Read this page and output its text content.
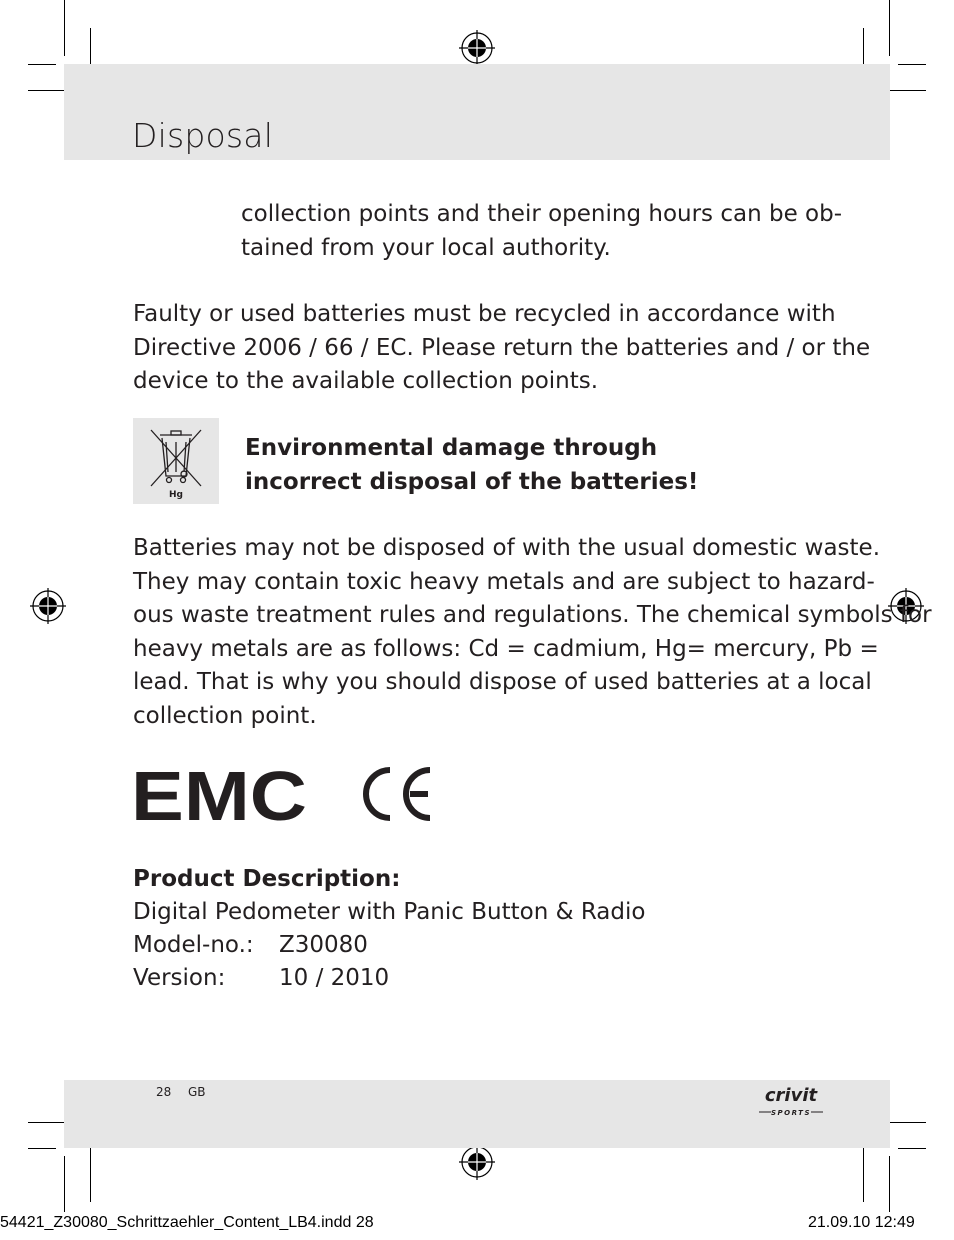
Disposal

collection points and their opening hours can be ob-
tained from your local authority.

Faulty or used batteries must be recycled in accordance with
Directive 2006 / 66 / EC. Please return the batteries and / or the
device to the available collection points.

Hg
Environmental damage through
incorrect disposal of the batteries!

Batteries may not be disposed of with the usual domestic waste.
They may contain toxic heavy metals and are subject to hazard-
ous waste treatment rules and regulations. The chemical symbols for
heavy metals are as follows: Cd = cadmium, Hg= mercury, Pb =
lead. That is why you should dispose of used batteries at a local
collection point.

EMC
Product Description:
Digital Pedometer with Panic Button & Radio
Model-no.: Z30080
Version: 10 / 2010
28 GB	crivit
SPORTS
54421_Z30080_Schrittzaehler_Content_LB4.indd 28	21.09.10 12:49
